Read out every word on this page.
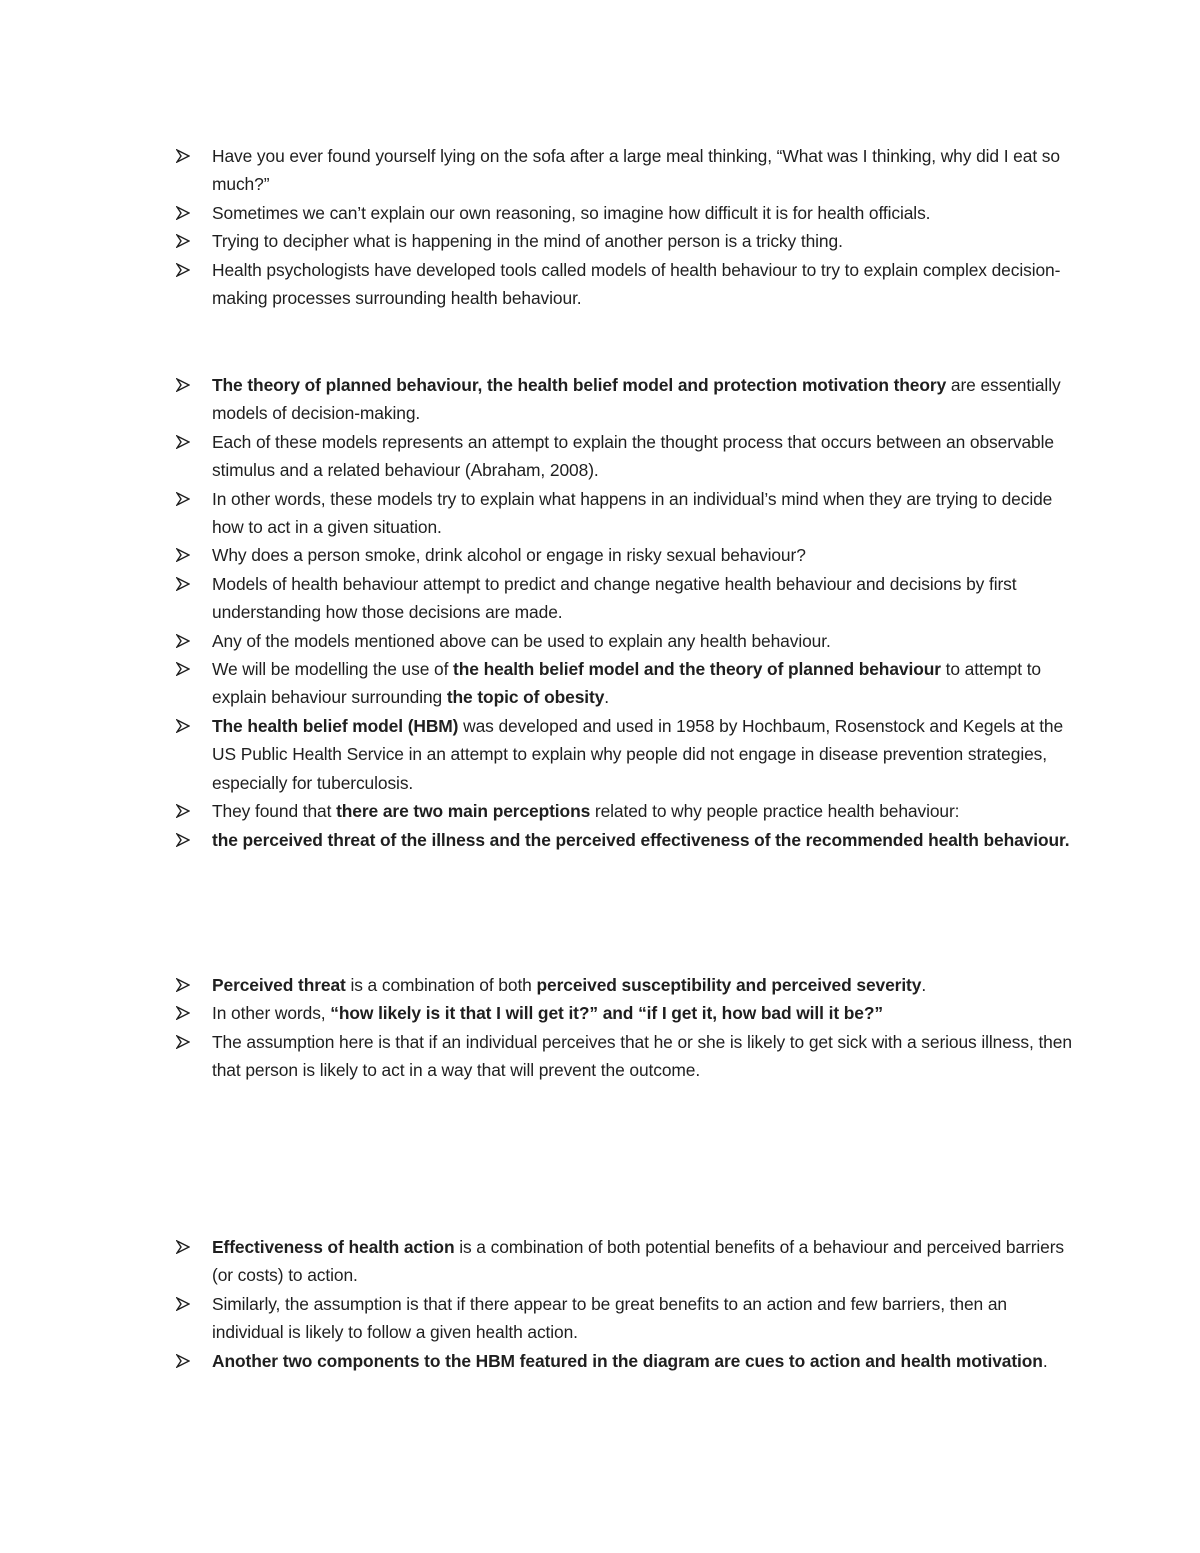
Have you ever found yourself lying on the sofa after a large meal thinking, “What was I thinking, why did I eat so much?”
Sometimes we can’t explain our own reasoning, so imagine how difficult it is for health officials.
Trying to decipher what is happening in the mind of another person is a tricky thing.
Health psychologists have developed tools called models of health behaviour to try to explain complex decision-making processes surrounding health behaviour.
The theory of planned behaviour, the health belief model and protection motivation theory are essentially models of decision-making.
Each of these models represents an attempt to explain the thought process that occurs between an observable stimulus and a related behaviour (Abraham, 2008).
In other words, these models try to explain what happens in an individual’s mind when they are trying to decide how to act in a given situation.
Why does a person smoke, drink alcohol or engage in risky sexual behaviour?
Models of health behaviour attempt to predict and change negative health behaviour and decisions by first understanding how those decisions are made.
Any of the models mentioned above can be used to explain any health behaviour.
We will be modelling the use of the health belief model and the theory of planned behaviour to attempt to explain behaviour surrounding the topic of obesity.
The health belief model (HBM) was developed and used in 1958 by Hochbaum, Rosenstock and Kegels at the US Public Health Service in an attempt to explain why people did not engage in disease prevention strategies, especially for tuberculosis.
They found that there are two main perceptions related to why people practice health behaviour:
the perceived threat of the illness and the perceived effectiveness of the recommended health behaviour.
Perceived threat is a combination of both perceived susceptibility and perceived severity.
In other words, “how likely is it that I will get it?” and “if I get it, how bad will it be?”
The assumption here is that if an individual perceives that he or she is likely to get sick with a serious illness, then that person is likely to act in a way that will prevent the outcome.
Effectiveness of health action is a combination of both potential benefits of a behaviour and perceived barriers (or costs) to action.
Similarly, the assumption is that if there appear to be great benefits to an action and few barriers, then an individual is likely to follow a given health action.
Another two components to the HBM featured in the diagram are cues to action and health motivation.
